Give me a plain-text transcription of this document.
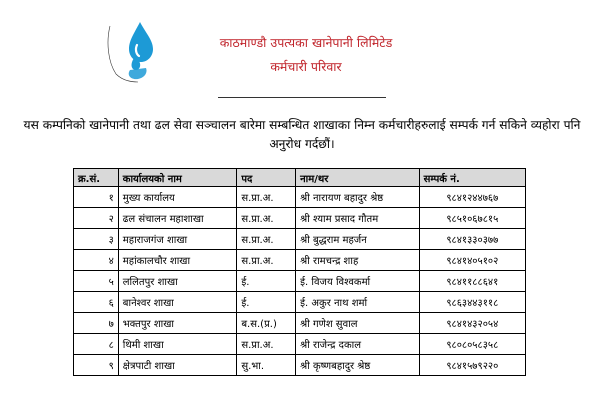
काठमाण्डौ उपत्यका खानेपानी लिमिटेड
कर्मचारी परिवार
यस कम्पनिको खानेपानी तथा ढल सेवा सञ्चालन बारेमा सम्बन्धित शाखाका निम्न कर्मचारीहरुलाई सम्पर्क गर्न सकिने व्यहोरा पनि अनुरोध गर्दछौं।
क्र.सं.	कार्यालयको नाम	पद	नाम/थर	सम्पर्क नं.
१	मुख्य कार्यालय	स.प्रा.अ.	श्री नारायण बहादुर श्रेष्ठ	९८४१२४४७६७
२	ढल संचालन महाशाखा	स.प्रा.अ.	श्री श्याम प्रसाद गौतम	९८५१०६७८१५
३	महाराजगंज शाखा	स.प्रा.अ.	श्री बुद्धराम महर्जन	९८४१३३०३७७
४	महांकालचौर शाखा	स.प्रा.अ.	श्री रामचन्द्र शाह	९८४१४०५१०२
५	ललितपुर शाखा	ई.	ई. विजय विश्वकर्मा	९८४११८८६४१
६	बानेश्वर शाखा	ई.	ई. अकुर नाथ शर्मा	९८६३४४३११८
७	भक्तपुर शाखा	ब.स.(प्र.)	श्री गणेश सुवाल	९८४१४३२०५४
८	थिमी शाखा	स.प्रा.अ.	श्री राजेन्द्र दकाल	९८०८०५८३५८
९	क्षेत्रपाटी शाखा	सु.भा.	श्री कृष्णबहादुर श्रेष्ठ	९८४१५७९२२०
